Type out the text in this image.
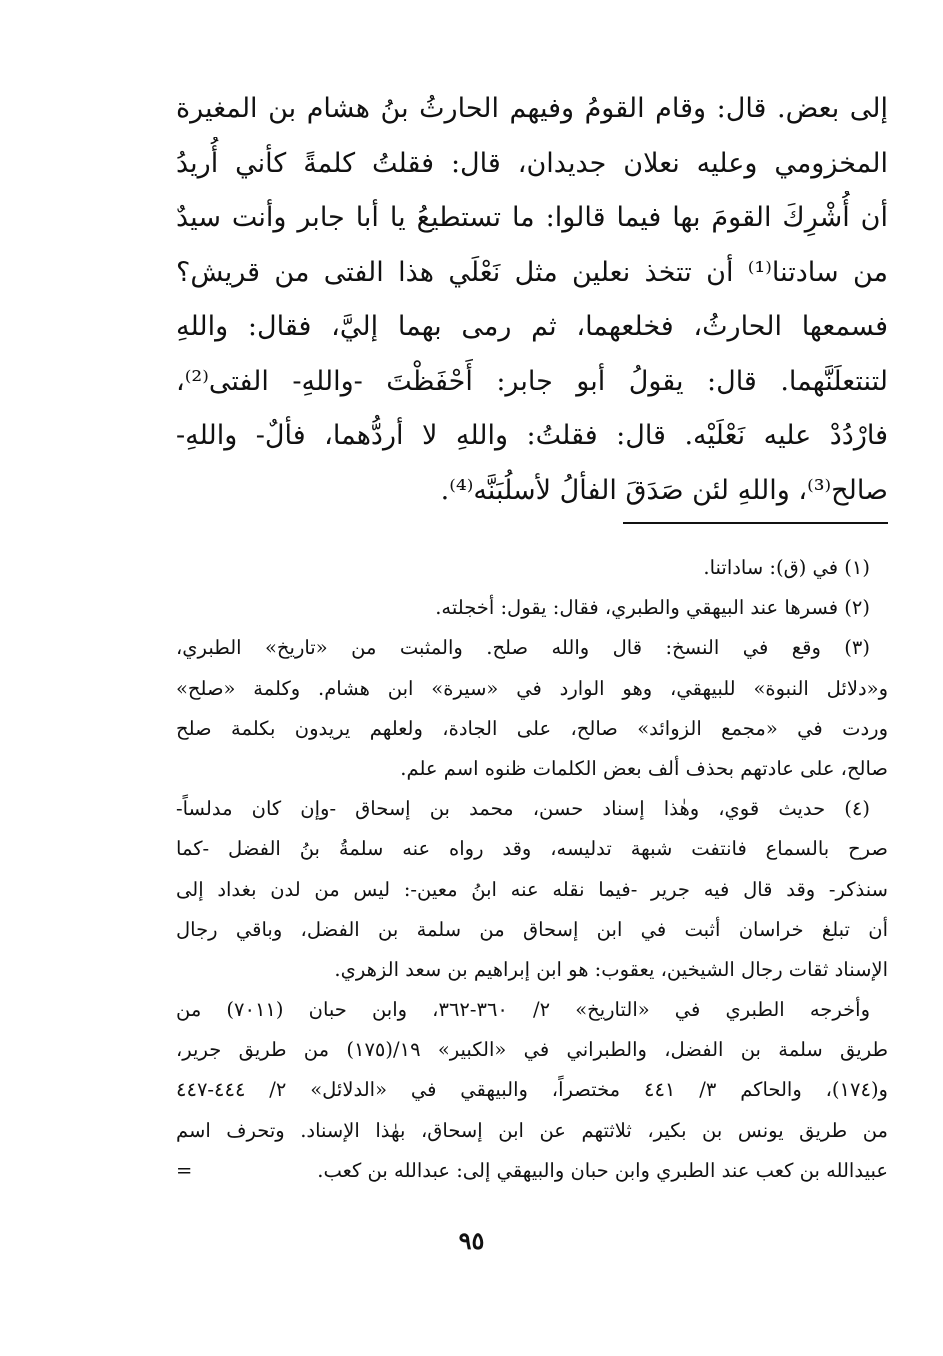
إلى بعض. قال: وقام القومُ وفيهم الحارثُ بنُ هشام بن المغيرة
المخزومي وعليه نعلان جديدان، قال: فقلتُ كلمةً كأني أُريدُ
أن أُشْرِكَ القومَ بها فيما قالوا: ما تستطيعُ يا أبا جابر وأنت سيدٌ
من سادتنا⁽¹⁾ أن تتخذ نعلين مثل نَعْلَي هذا الفتى من قريش؟
فسمعها الحارثُ، فخلعهما، ثم رمى بهما إليَّ، فقال: واللهِ
لتنتعلَنَّهما. قال: يقولُ أبو جابر: أَحْفَظْتَ -واللهِ- الفتى⁽²⁾،
فارْدُدْ عليه نَعْلَيْه. قال: فقلتُ: واللهِ لا أردُّهما، فألٌ- واللهِ-
صالح⁽³⁾، واللهِ لئن صَدَقَ الفألُ لأسلُبَنَّه⁽⁴⁾.
(١) في (ق): ساداتنا.
(٢) فسرها عند البيهقي والطبري، فقال: يقول: أخجلته.
(٣) وقع في النسخ: قال والله صلح. والمثبت من «تاريخ» الطبري،
و«دلائل النبوة» للبيهقي، وهو الوارد في «سيرة» ابن هشام. وكلمة «صلح»
وردت في «مجمع الزوائد» صالح، على الجادة، ولعلهم يريدون بكلمة صلح
صالح، على عادتهم بحذف ألف بعض الكلمات ظنوه اسم علم.
(٤) حديث قوي، وهٰذا إسناد حسن، محمد بن إسحاق -وإن كان مدلساً-
صرح بالسماع فانتفت شبهة تدليسه، وقد رواه عنه سلمةُ بنُ الفضل -كما
سنذكر- وقد قال فيه جرير -فيما نقله عنه ابنُ معين-: ليس من لدن بغداد إلى
أن تبلغ خراسان أثبت في ابن إسحاق من سلمة بن الفضل، وباقي رجال
الإسناد ثقات رجال الشيخين، يعقوب: هو ابن إبراهيم بن سعد الزهري.
وأخرجه الطبري في «التاريخ» ٢/ ٣٦٠-٣٦٢، وابن حبان (٧٠١١) من
طريق سلمة بن الفضل، والطبراني في «الكبير» ١٩/(١٧٥) من طريق جرير،
و(١٧٤)، والحاكم ٣/ ٤٤١ مختصراً، والبيهقي في «الدلائل» ٢/ ٤٤٤-٤٤٧
من طريق يونس بن بكير، ثلاثتهم عن ابن إسحاق، بهٰذا الإسناد. وتحرف اسم
عبيدالله بن كعب عند الطبري وابن حبان والبيهقي إلى: عبدالله بن كعب.
=
٩٥
